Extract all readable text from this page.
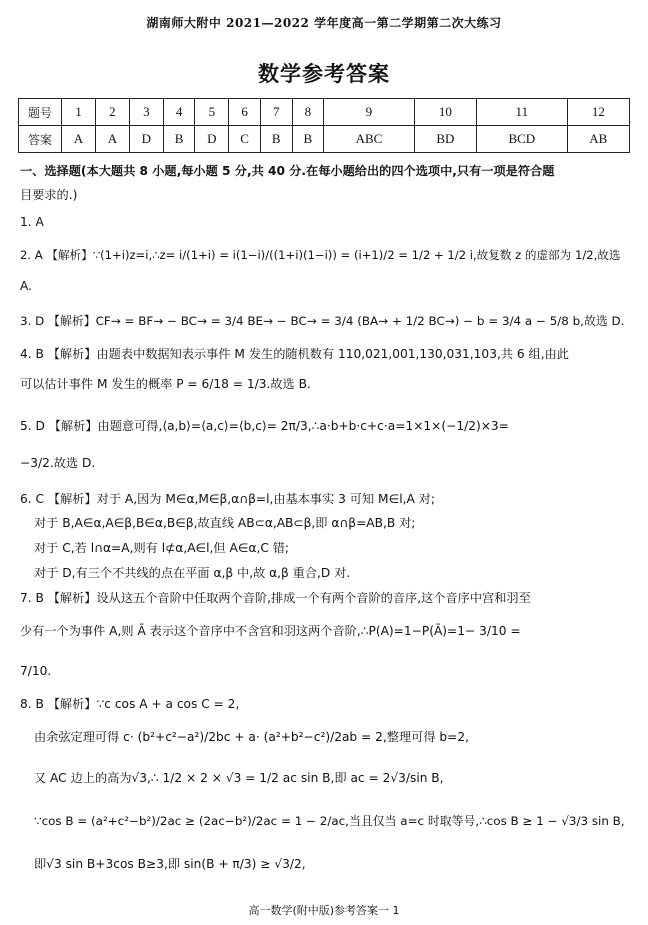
湖南师大附中 2021—2022 学年度高一第二学期第二次大练习
数学参考答案
题号	1	2	3	4	5	6	7	8	9	10	11	12
答案	A	A	D	B	D	C	B	B	ABC	BD	BCD	AB
一、选择题(本大题共 8 小题,每小题 5 分,共 40 分.在每小题给出的四个选项中,只有一项是符合题
目要求的.)
1. A
2. A 【解析】∵(1+i)z=i,∴z= i/(1+i) = i(1−i)/((1+i)(1−i)) = (i+1)/2 = 1/2 + 1/2 i,故复数 z 的虚部为 1/2,故选
A.
3. D 【解析】CF→ = BF→ − BC→ = 3/4 BE→ − BC→ = 3/4 (BA→ + 1/2 BC→) − b = 3/4 a − 5/8 b,故选 D.
4. B 【解析】由题表中数据知表示事件 M 发生的随机数有 110,021,001,130,031,103,共 6 组,由此
可以估计事件 M 发生的概率 P = 6/18 = 1/3.故选 B.
5. D 【解析】由题意可得,⟨a,b⟩=⟨a,c⟩=⟨b,c⟩= 2π/3,∴a·b+b·c+c·a=1×1×(−1/2)×3=
−3/2.故选 D.
6. C 【解析】对于 A,因为 M∈α,M∈β,α∩β=l,由基本事实 3 可知 M∈l,A 对;
对于 B,A∈α,A∈β,B∈α,B∈β,故直线 AB⊂α,AB⊂β,即 α∩β=AB,B 对;
对于 C,若 l∩α=A,则有 l⊄α,A∈l,但 A∈α,C 错;
对于 D,有三个不共线的点在平面 α,β 中,故 α,β 重合,D 对.
7. B 【解析】设从这五个音阶中任取两个音阶,排成一个有两个音阶的音序,这个音序中宫和羽至
少有一个为事件 A,则 Ā 表示这个音序中不含宫和羽这两个音阶,∴P(A)=1−P(Ā)=1− 3/10 =
7/10.
8. B 【解析】∵c cos A + a cos C = 2,
由余弦定理可得 c· (b²+c²−a²)/2bc + a· (a²+b²−c²)/2ab = 2,整理可得 b=2,
又 AC 边上的高为√3,∴ 1/2 × 2 × √3 = 1/2 ac sin B,即 ac = 2√3/sin B,
∵cos B = (a²+c²−b²)/2ac ≥ (2ac−b²)/2ac = 1 − 2/ac,当且仅当 a=c 时取等号,∴cos B ≥ 1 − √3/3 sin B,
即√3 sin B+3cos B≥3,即 sin(B + π/3) ≥ √3/2,
高一数学(附中版)参考答案一 1
